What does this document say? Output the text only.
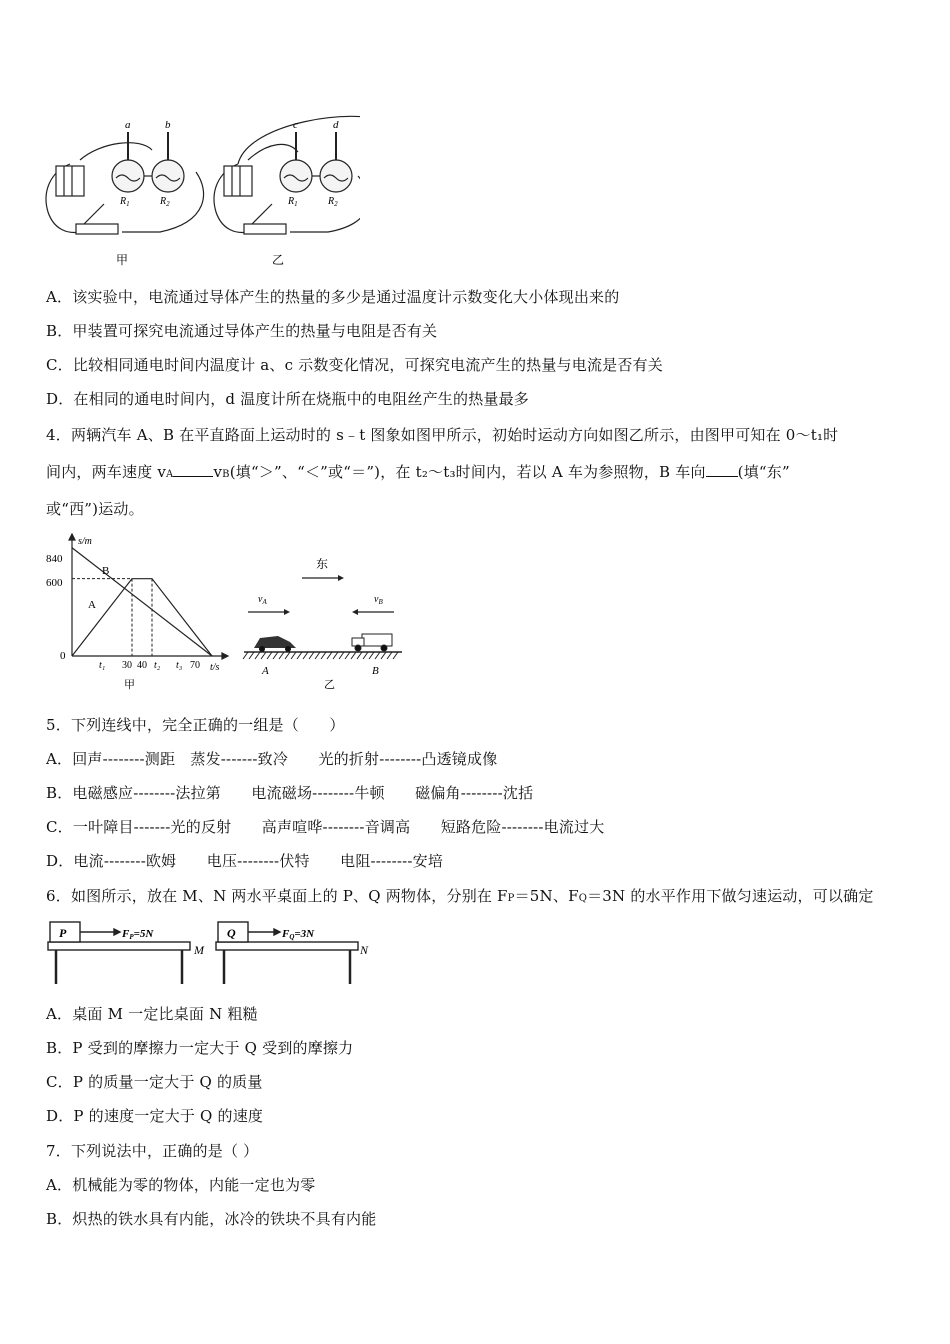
a	b
$R_1$	$R_2$
甲
c	d
$R_1$	$R_2$
乙
A．该实验中，电流通过导体产生的热量的多少是通过温度计示数变化大小体现出来的
B．甲装置可探究电流通过导体产生的热量与电阻是否有关
C．比较相同通电时间内温度计 a、c 示数变化情况，可探究电流产生的热量与电流是否有关
D．在相同的通电时间内，d 温度计所在烧瓶中的电阻丝产生的热量最多
4．两辆汽车 A、B 在平直路面上运动时的 s﹣t 图象如图甲所示，初始时运动方向如图乙所示，由图甲可知在 0～t₁时
间内，两车速度 vA	vB(填“＞”、“＜”或“＝”)，在 t₂～t₃时间内，若以 A 车为参照物，B 车向 (填“东”
或“西”)运动。
s/m
t/s
840
600
0
t₁ 30 40 t₂ t₃ 70
B
A
甲
东
$v_A$	$v_B$
A	B
乙
5．下列连线中，完全正确的一组是（　　）
A．回声--------测距　蒸发-------致冷　　光的折射--------凸透镜成像
B．电磁感应--------法拉第　　电流磁场--------牛顿　　磁偏角--------沈括
C．一叶障目-------光的反射　　高声喧哗--------音调高　　短路危险--------电流过大
D．电流--------欧姆　　电压--------伏特　　电阻--------安培
6．如图所示，放在 M、N 两水平桌面上的 P、Q 两物体，分别在 FP＝5N、FQ＝3N 的水平作用下做匀速运动，可以确定
P	FP=5N
M
Q	FQ=3N
N
A．桌面 M 一定比桌面 N 粗糙
B．P 受到的摩擦力一定大于 Q 受到的摩擦力
C．P 的质量一定大于 Q 的质量
D．P 的速度一定大于 Q 的速度
7．下列说法中，正确的是（ ）
A．机械能为零的物体，内能一定也为零
B．炽热的铁水具有内能，冰冷的铁块不具有内能
